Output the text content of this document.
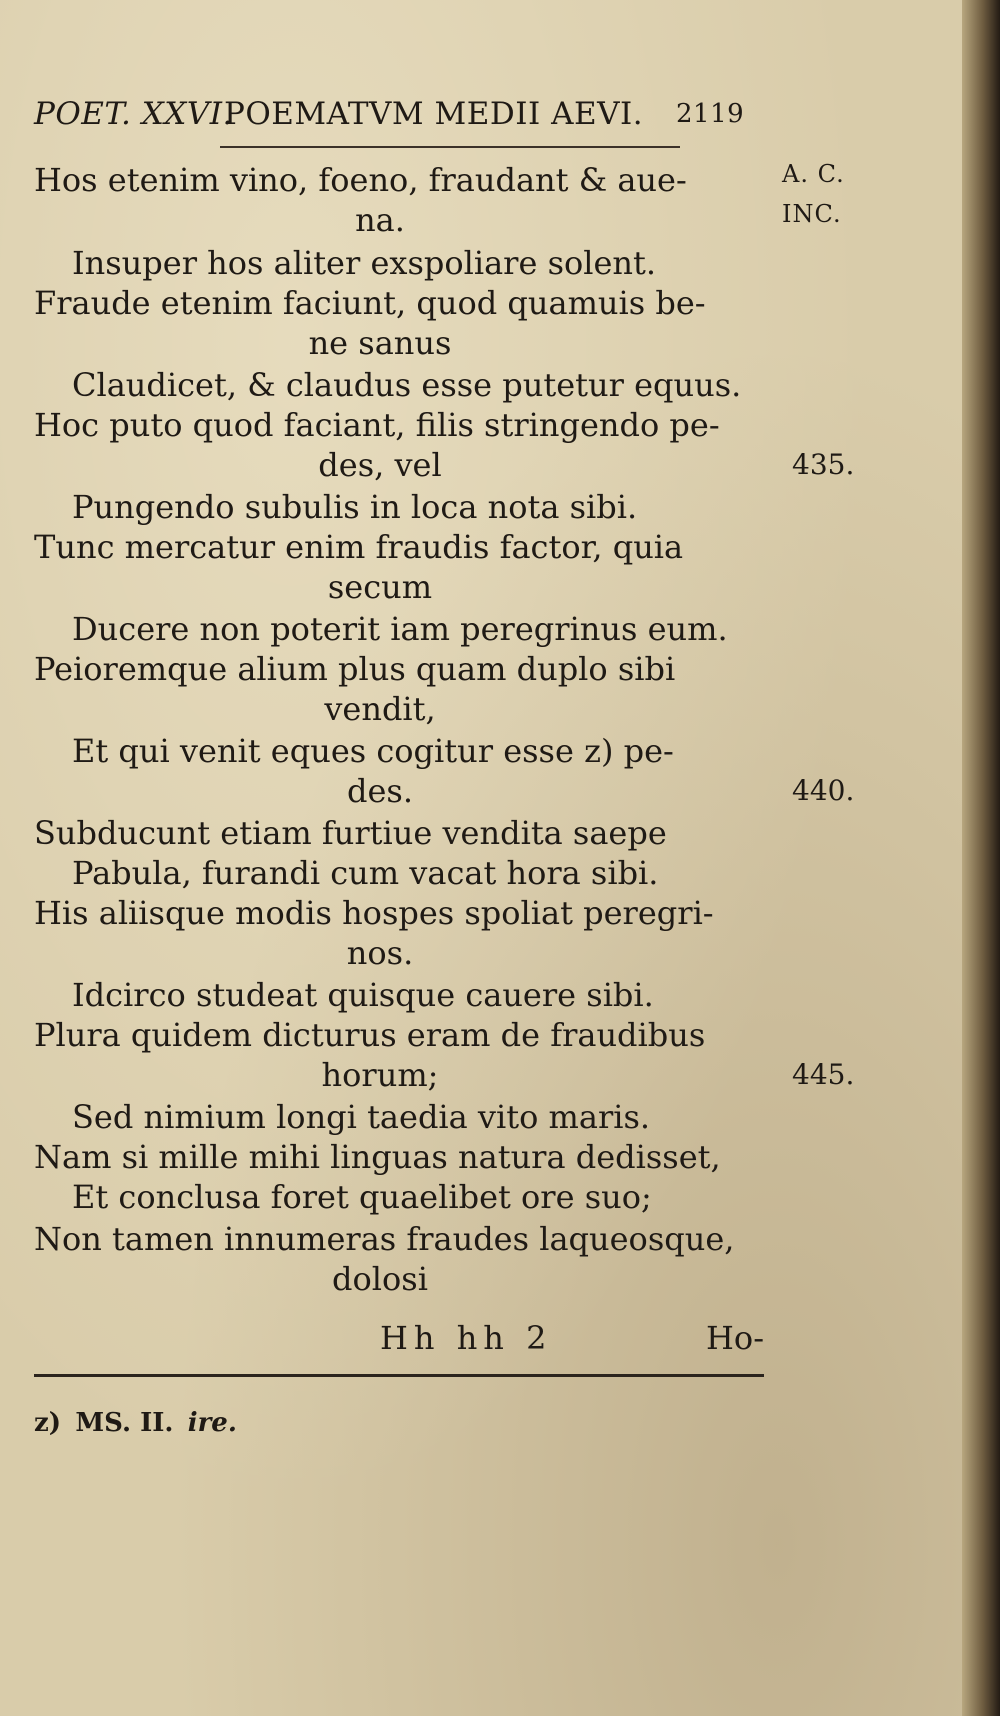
POET. XXVI.
POEMATVM MEDII AEVI. 2119
A. C.
INC.
Hos etenim vino, foeno, fraudant & aue-
na.
Insuper hos aliter exspoliare solent.
Fraude etenim faciunt, quod quamuis be-
ne sanus
Claudicet, & claudus esse putetur equus.
Hoc puto quod faciant, filis stringendo pe-
des, vel	435.
Pungendo subulis in loca nota sibi.
Tunc mercatur enim fraudis factor, quia
secum
Ducere non poterit iam peregrinus eum.
Peioremque alium plus quam duplo sibi
vendit,
Et qui venit eques cogitur esse z) pe-
des.	440.
Subducunt etiam furtiue vendita saepe
Pabula, furandi cum vacat hora sibi.
His aliisque modis hospes spoliat peregri-
nos.
Idcirco studeat quisque cauere sibi.
Plura quidem dicturus eram de fraudibus
horum;	445.
Sed nimium longi taedia vito maris.
Nam si mille mihi linguas natura dedisset,
Et conclusa foret quaelibet ore suo;
Non tamen innumeras fraudes laqueosque,
dolosi
Hh hh 2	Ho-
z) MS. II. ire.
